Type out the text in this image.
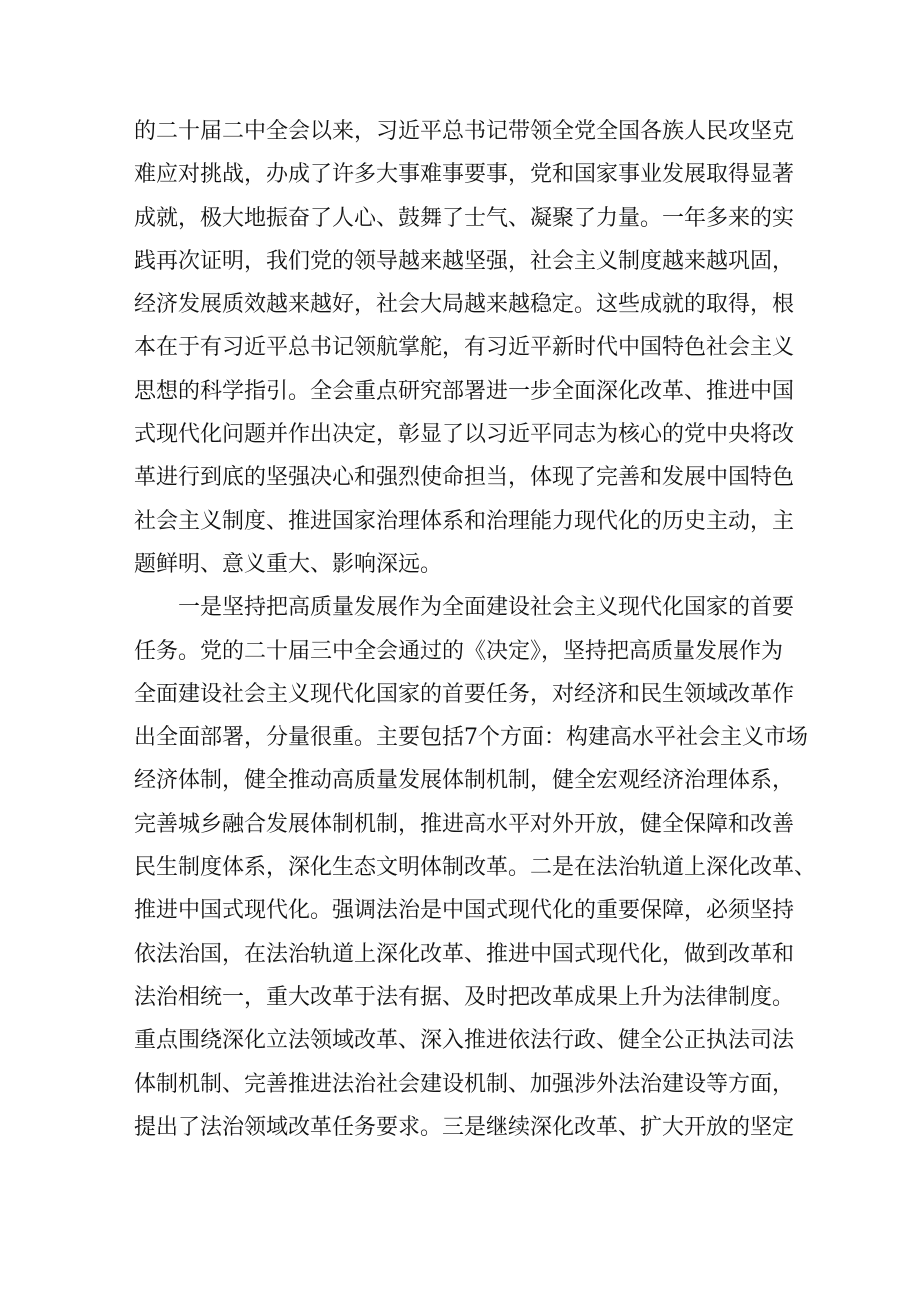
的二十届二中全会以来，习近平总书记带领全党全国各族人民攻坚克
难应对挑战，办成了许多大事难事要事，党和国家事业发展取得显著
成就，极大地振奋了人心、鼓舞了士气、凝聚了力量。一年多来的实
践再次证明，我们党的领导越来越坚强，社会主义制度越来越巩固，
经济发展质效越来越好，社会大局越来越稳定。这些成就的取得，根
本在于有习近平总书记领航掌舵，有习近平新时代中国特色社会主义
思想的科学指引。全会重点研究部署进一步全面深化改革、推进中国
式现代化问题并作出决定，彰显了以习近平同志为核心的党中央将改
革进行到底的坚强决心和强烈使命担当，体现了完善和发展中国特色
社会主义制度、推进国家治理体系和治理能力现代化的历史主动，主
题鲜明、意义重大、影响深远。
　　一是坚持把高质量发展作为全面建设社会主义现代化国家的首要
任务。党的二十届三中全会通过的《决定》，坚持把高质量发展作为
全面建设社会主义现代化国家的首要任务，对经济和民生领域改革作
出全面部署，分量很重。主要包括7个方面：构建高水平社会主义市场
经济体制，健全推动高质量发展体制机制，健全宏观经济治理体系，
完善城乡融合发展体制机制，推进高水平对外开放，健全保障和改善
民生制度体系，深化生态文明体制改革。二是在法治轨道上深化改革、
推进中国式现代化。强调法治是中国式现代化的重要保障，必须坚持
依法治国，在法治轨道上深化改革、推进中国式现代化，做到改革和
法治相统一，重大改革于法有据、及时把改革成果上升为法律制度。
重点围绕深化立法领域改革、深入推进依法行政、健全公正执法司法
体制机制、完善推进法治社会建设机制、加强涉外法治建设等方面，
提出了法治领域改革任务要求。三是继续深化改革、扩大开放的坚定
